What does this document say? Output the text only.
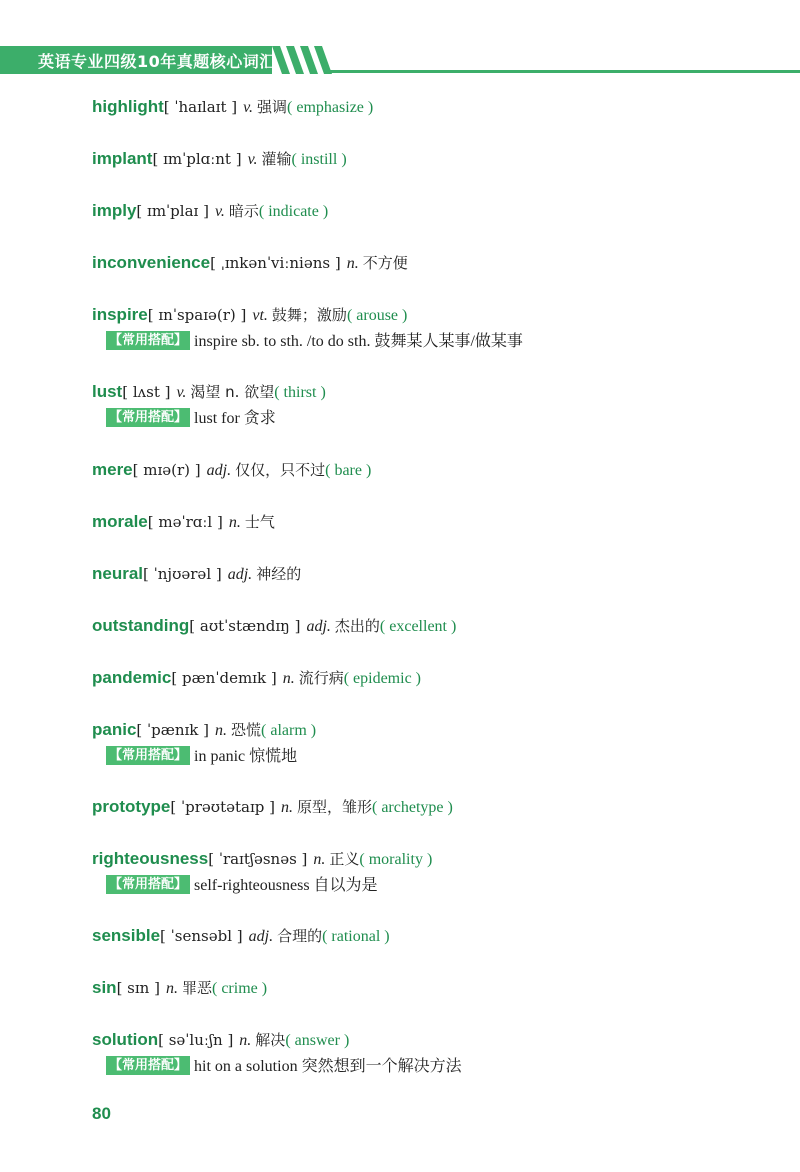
英语专业四级10年真题核心词汇
highlight[ ˈhaɪlaɪt ] v. 强调( emphasize )
implant[ ɪmˈplɑːnt ] v. 灌输( instill )
imply[ ɪmˈplaɪ ] v. 暗示( indicate )
inconvenience[ ˌɪnkənˈviːniəns ] n. 不方便
inspire[ ɪnˈspaɪə(r) ] vt. 鼓舞；激励( arouse )
【常用搭配】 inspire sb. to sth. /to do sth. 鼓舞某人某事/做某事
lust[ lʌst ] v. 渴望 n. 欲望( thirst )
【常用搭配】 lust for 贪求
mere[ mɪə(r) ] adj. 仅仅，只不过( bare )
morale[ məˈrɑːl ] n. 士气
neural[ ˈnjʊərəl ] adj. 神经的
outstanding[ aʊtˈstændɪŋ ] adj. 杰出的( excellent )
pandemic[ pænˈdemɪk ] n. 流行病( epidemic )
panic[ ˈpænɪk ] n. 恐慌( alarm )
【常用搭配】 in panic 惊慌地
prototype[ ˈprəʊtətaɪp ] n. 原型，雏形( archetype )
righteousness[ ˈraɪtʃəsnəs ] n. 正义( morality )
【常用搭配】 self-righteousness 自以为是
sensible[ ˈsensəbl ] adj. 合理的( rational )
sin[ sɪn ] n. 罪恶( crime )
solution[ səˈluːʃn ] n. 解决( answer )
【常用搭配】 hit on a solution 突然想到一个解决方法
80
